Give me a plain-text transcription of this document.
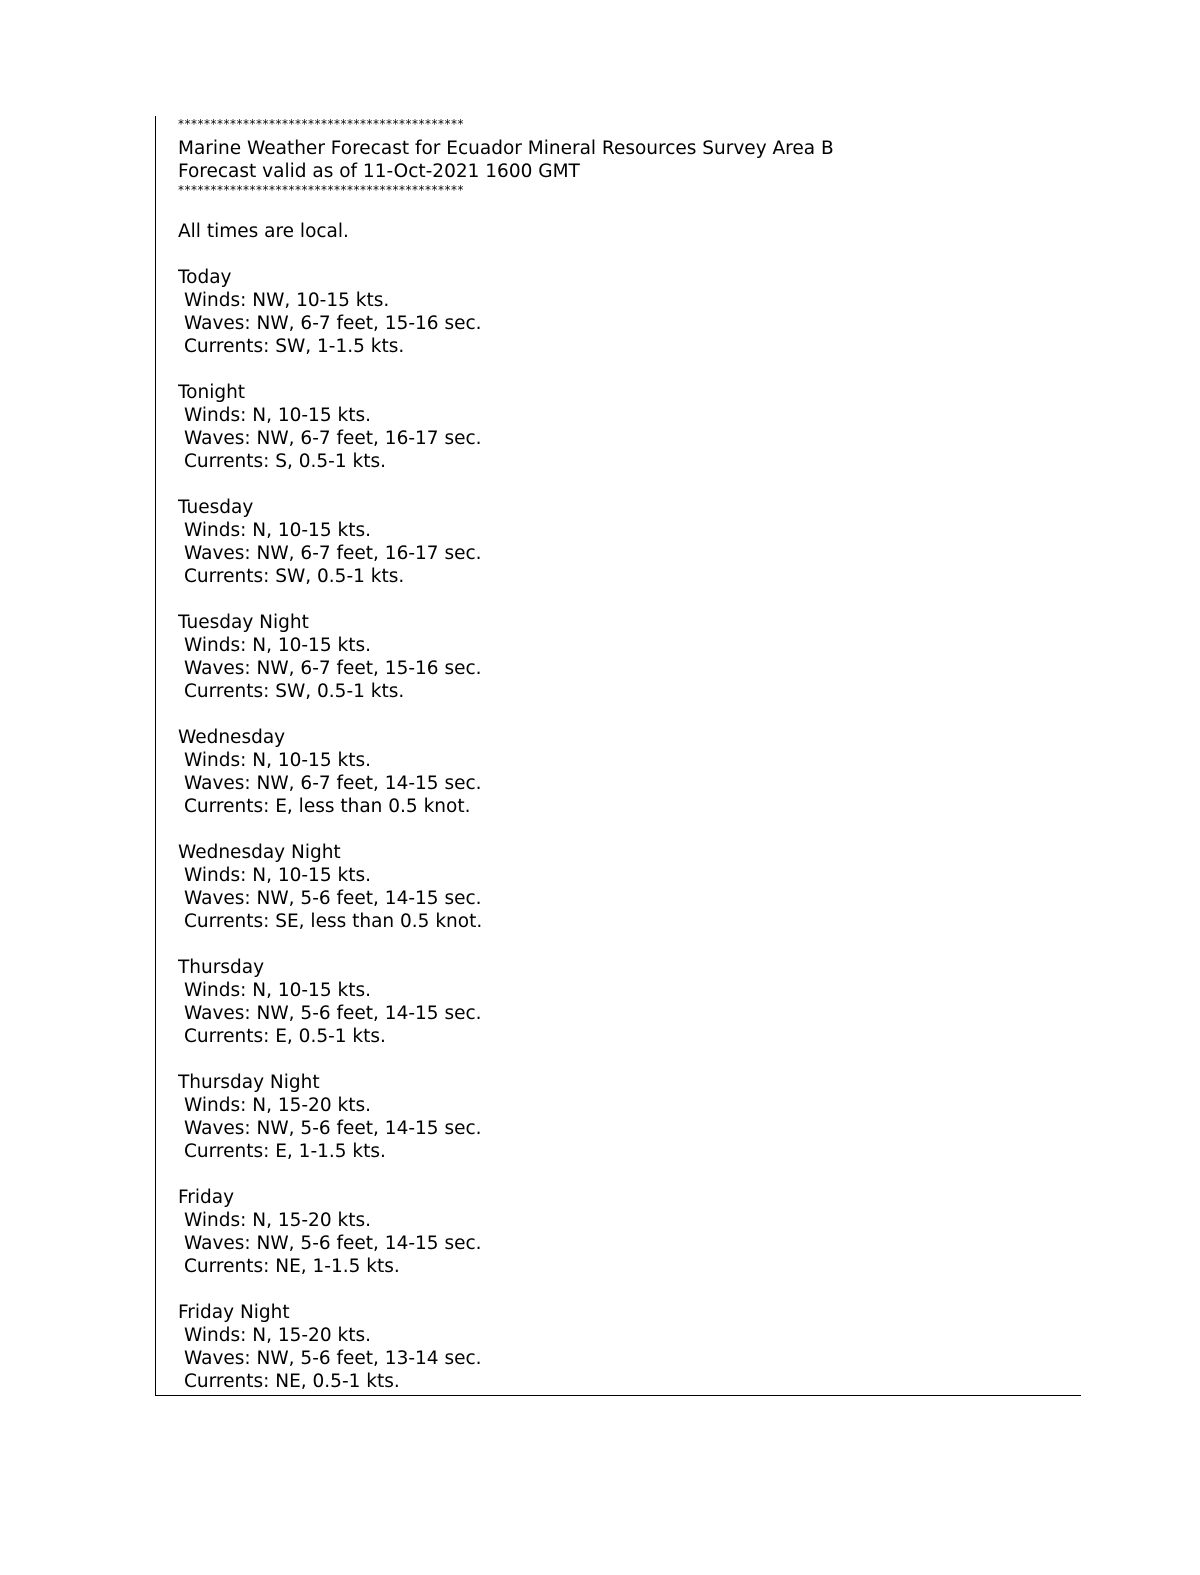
********************************************
Marine Weather Forecast for Ecuador Mineral Resources Survey Area B
Forecast valid as of 11-Oct-2021 1600 GMT
********************************************
All times are local.
Today
Winds: NW, 10-15 kts.
Waves: NW, 6-7 feet, 15-16 sec.
Currents: SW, 1-1.5 kts.
Tonight
Winds: N, 10-15 kts.
Waves: NW, 6-7 feet, 16-17 sec.
Currents: S, 0.5-1 kts.
Tuesday
Winds: N, 10-15 kts.
Waves: NW, 6-7 feet, 16-17 sec.
Currents: SW, 0.5-1 kts.
Tuesday Night
Winds: N, 10-15 kts.
Waves: NW, 6-7 feet, 15-16 sec.
Currents: SW, 0.5-1 kts.
Wednesday
Winds: N, 10-15 kts.
Waves: NW, 6-7 feet, 14-15 sec.
Currents: E, less than 0.5 knot.
Wednesday Night
Winds: N, 10-15 kts.
Waves: NW, 5-6 feet, 14-15 sec.
Currents: SE, less than 0.5 knot.
Thursday
Winds: N, 10-15 kts.
Waves: NW, 5-6 feet, 14-15 sec.
Currents: E, 0.5-1 kts.
Thursday Night
Winds: N, 15-20 kts.
Waves: NW, 5-6 feet, 14-15 sec.
Currents: E, 1-1.5 kts.
Friday
Winds: N, 15-20 kts.
Waves: NW, 5-6 feet, 14-15 sec.
Currents: NE, 1-1.5 kts.
Friday Night
Winds: N, 15-20 kts.
Waves: NW, 5-6 feet, 13-14 sec.
Currents: NE, 0.5-1 kts.
